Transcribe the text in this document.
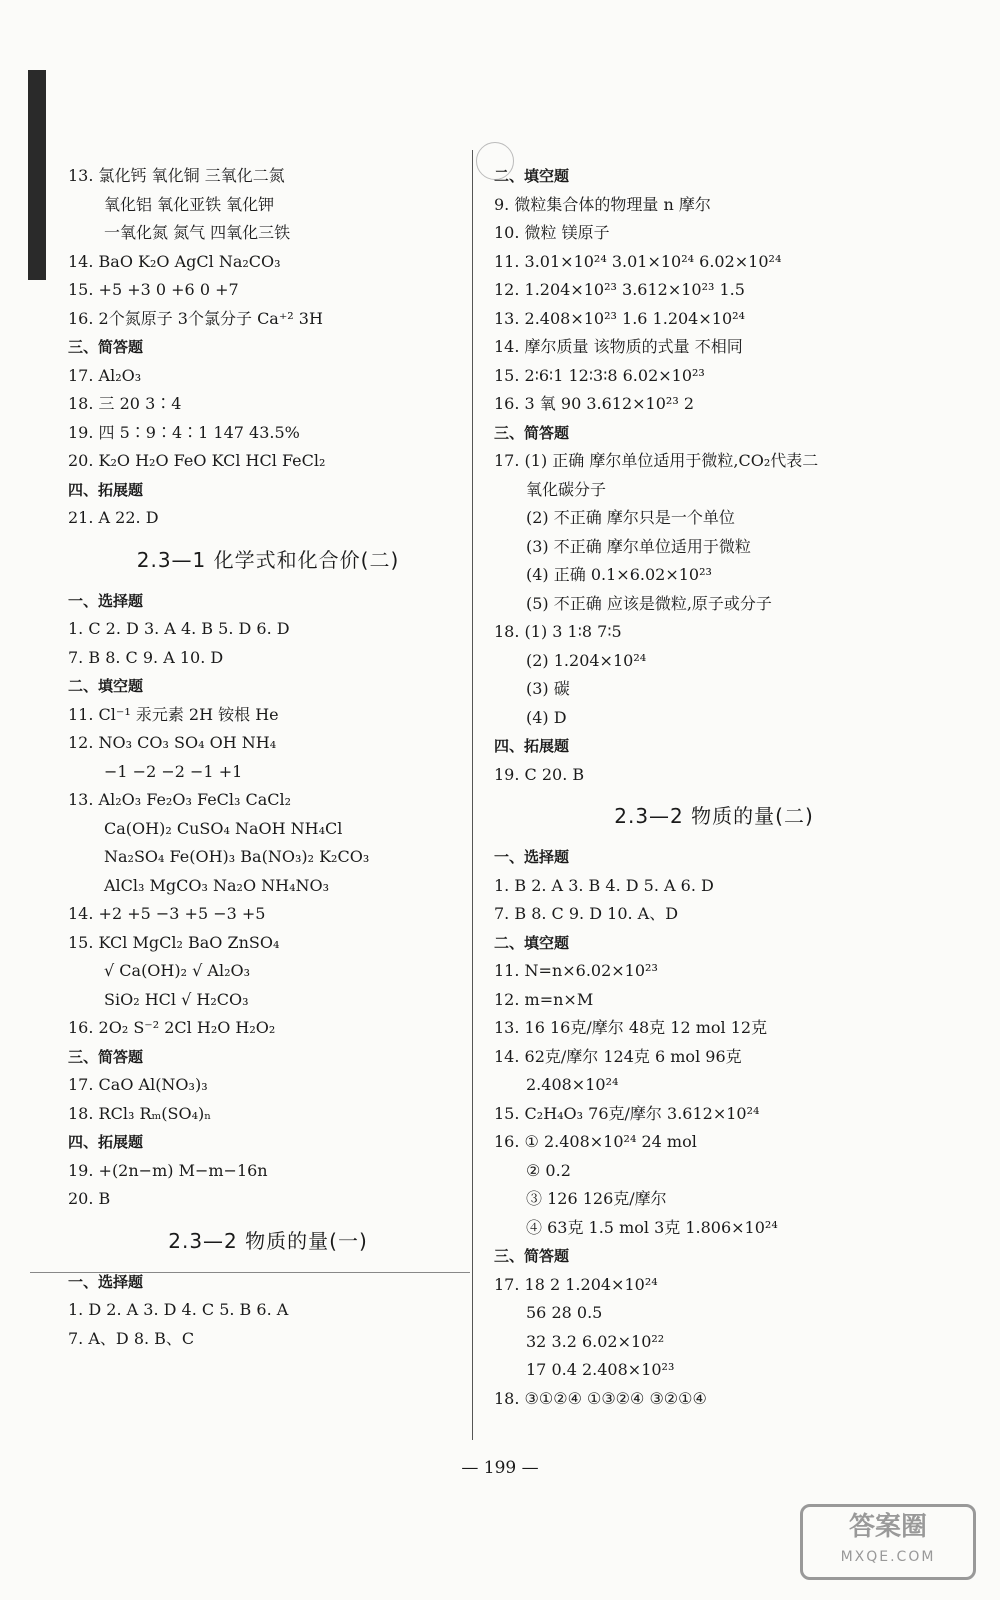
13. 氯化钙 氧化铜 三氧化二氮
氧化铝 氧化亚铁 氧化钾
一氧化氮 氮气 四氧化三铁
14. BaO K₂O AgCl Na₂CO₃
15. +5 +3 0 +6 0 +7
16. 2个氮原子 3个氯分子 Ca⁺² 3H
三、简答题
17. Al₂O₃
18. 三 20 3∶4
19. 四 5∶9∶4∶1 147 43.5%
20. K₂O H₂O FeO KCl HCl FeCl₂
四、拓展题
21. A 22. D
2.3—1 化学式和化合价(二)
一、选择题
1. C 2. D 3. A 4. B 5. D 6. D
7. B 8. C 9. A 10. D
二、填空题
11. Cl⁻¹ 汞元素 2H 铵根 He
12. NO₃ CO₃ SO₄ OH NH₄
−1 −2 −2 −1 +1
13. Al₂O₃ Fe₂O₃ FeCl₃ CaCl₂
Ca(OH)₂ CuSO₄ NaOH NH₄Cl
Na₂SO₄ Fe(OH)₃ Ba(NO₃)₂ K₂CO₃
AlCl₃ MgCO₃ Na₂O NH₄NO₃
14. +2 +5 −3 +5 −3 +5
15. KCl MgCl₂ BaO ZnSO₄
√ Ca(OH)₂ √ Al₂O₃
SiO₂ HCl √ H₂CO₃
16. 2O₂ S⁻² 2Cl H₂O H₂O₂
三、简答题
17. CaO Al(NO₃)₃
18. RCl₃ Rₘ(SO₄)ₙ
四、拓展题
19. +(2n−m) M−m−16n
20. B
2.3—2 物质的量(一)
一、选择题
1. D 2. A 3. D 4. C 5. B 6. A
7. A、D 8. B、C
二、填空题
9. 微粒集合体的物理量 n 摩尔
10. 微粒 镁原子
11. 3.01×10²⁴ 3.01×10²⁴ 6.02×10²⁴
12. 1.204×10²³ 3.612×10²³ 1.5
13. 2.408×10²³ 1.6 1.204×10²⁴
14. 摩尔质量 该物质的式量 不相同
15. 2∶6∶1 12∶3∶8 6.02×10²³
16. 3 氧 90 3.612×10²³ 2
三、简答题
17. (1) 正确 摩尔单位适用于微粒,CO₂代表二
氧化碳分子
(2) 不正确 摩尔只是一个单位
(3) 不正确 摩尔单位适用于微粒
(4) 正确 0.1×6.02×10²³
(5) 不正确 应该是微粒,原子或分子
18. (1) 3 1∶8 7∶5
(2) 1.204×10²⁴
(3) 碳
(4) D
四、拓展题
19. C 20. B
2.3—2 物质的量(二)
一、选择题
1. B 2. A 3. B 4. D 5. A 6. D
7. B 8. C 9. D 10. A、D
二、填空题
11. N=n×6.02×10²³
12. m=n×M
13. 16 16克/摩尔 48克 12 mol 12克
14. 62克/摩尔 124克 6 mol 96克
2.408×10²⁴
15. C₂H₄O₃ 76克/摩尔 3.612×10²⁴
16. ① 2.408×10²⁴ 24 mol
② 0.2
③ 126 126克/摩尔
④ 63克 1.5 mol 3克 1.806×10²⁴
三、简答题
17. 18 2 1.204×10²⁴
56 28 0.5
32 3.2 6.02×10²²
17 0.4 2.408×10²³
18. ③①②④ ①③②④ ③②①④
— 199 —
答案圈
MXQE.COM
